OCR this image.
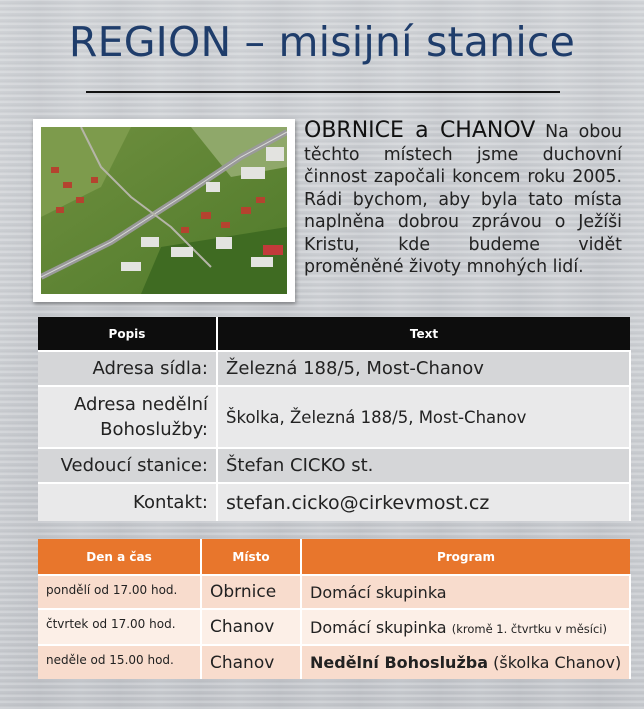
REGION – misijní stanice
OBRNICE a CHANOV Na obou těchto místech jsme duchovní činnost započali koncem roku 2005. Rádi bychom, aby byla tato místa naplněna dobrou zprávou o Ježíši Kristu, kde budeme vidět proměněné životy mnohých lidí.
Popis	Text
Adresa sídla:	Železná 188/5, Most-Chanov
Adresa nedělní
Bohoslužby:	Školka, Železná 188/5, Most-Chanov
Vedoucí stanice:	Štefan CICKO st.
Kontakt:	stefan.cicko@cirkevmost.cz
Den a čas	Místo	Program
pondělí od 17.00 hod.	Obrnice	Domácí skupinka
čtvrtek od 17.00 hod.	Chanov	Domácí skupinka (kromě 1. čtvrtku v měsíci)
neděle od 15.00 hod.	Chanov	Nedělní Bohoslužba (školka Chanov)
